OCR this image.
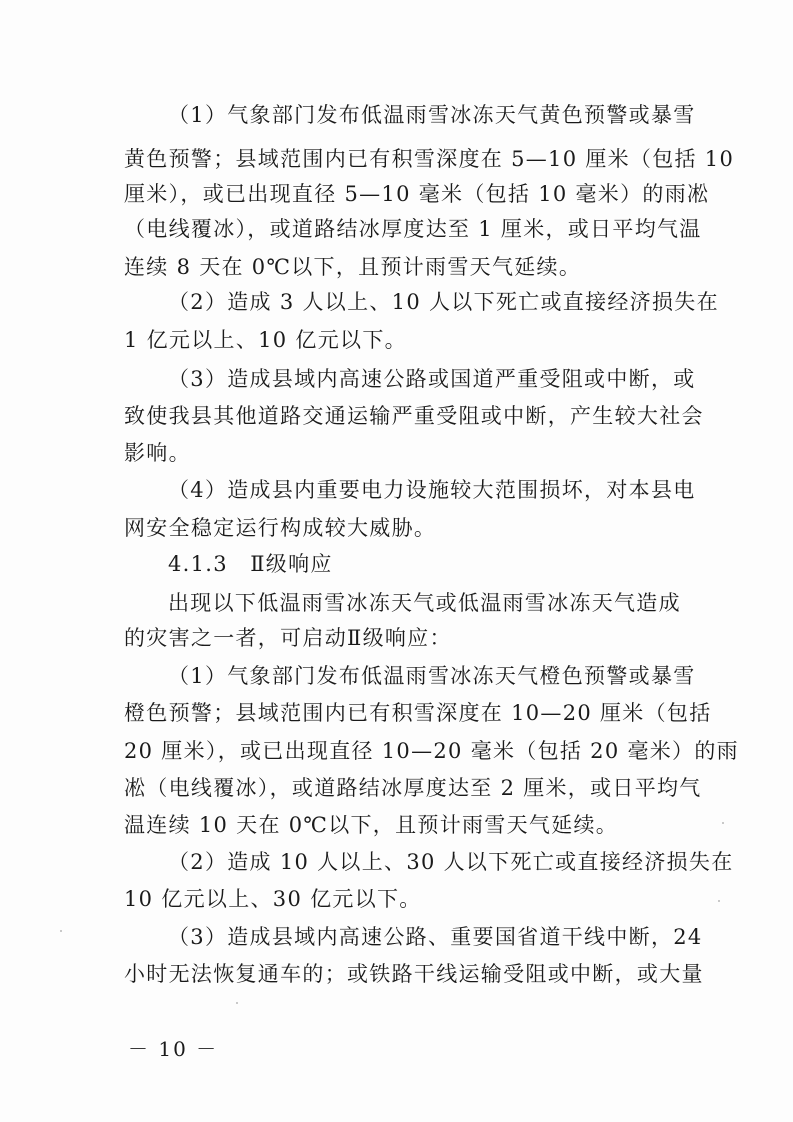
（1）气象部门发布低温雨雪冰冻天气黄色预警或暴雪
黄色预警；县域范围内已有积雪深度在 5—10 厘米（包括 10
厘米），或已出现直径 5—10 毫米（包括 10 毫米）的雨凇
（电线覆冰），或道路结冰厚度达至 1 厘米，或日平均气温
连续 8 天在 0℃以下，且预计雨雪天气延续。
（2）造成 3 人以上、10 人以下死亡或直接经济损失在
1 亿元以上、10 亿元以下。
（3）造成县域内高速公路或国道严重受阻或中断，或
致使我县其他道路交通运输严重受阻或中断，产生较大社会
影响。
（4）造成县内重要电力设施较大范围损坏，对本县电
网安全稳定运行构成较大威胁。
4.1.3　Ⅱ级响应
出现以下低温雨雪冰冻天气或低温雨雪冰冻天气造成
的灾害之一者，可启动Ⅱ级响应：
（1）气象部门发布低温雨雪冰冻天气橙色预警或暴雪
橙色预警；县域范围内已有积雪深度在 10—20 厘米（包括
20 厘米），或已出现直径 10—20 毫米（包括 20 毫米）的雨
凇（电线覆冰），或道路结冰厚度达至 2 厘米，或日平均气
温连续 10 天在 0℃以下，且预计雨雪天气延续。
（2）造成 10 人以上、30 人以下死亡或直接经济损失在
10 亿元以上、30 亿元以下。
（3）造成县域内高速公路、重要国省道干线中断，24
小时无法恢复通车的；或铁路干线运输受阻或中断，或大量
－ 10 －
